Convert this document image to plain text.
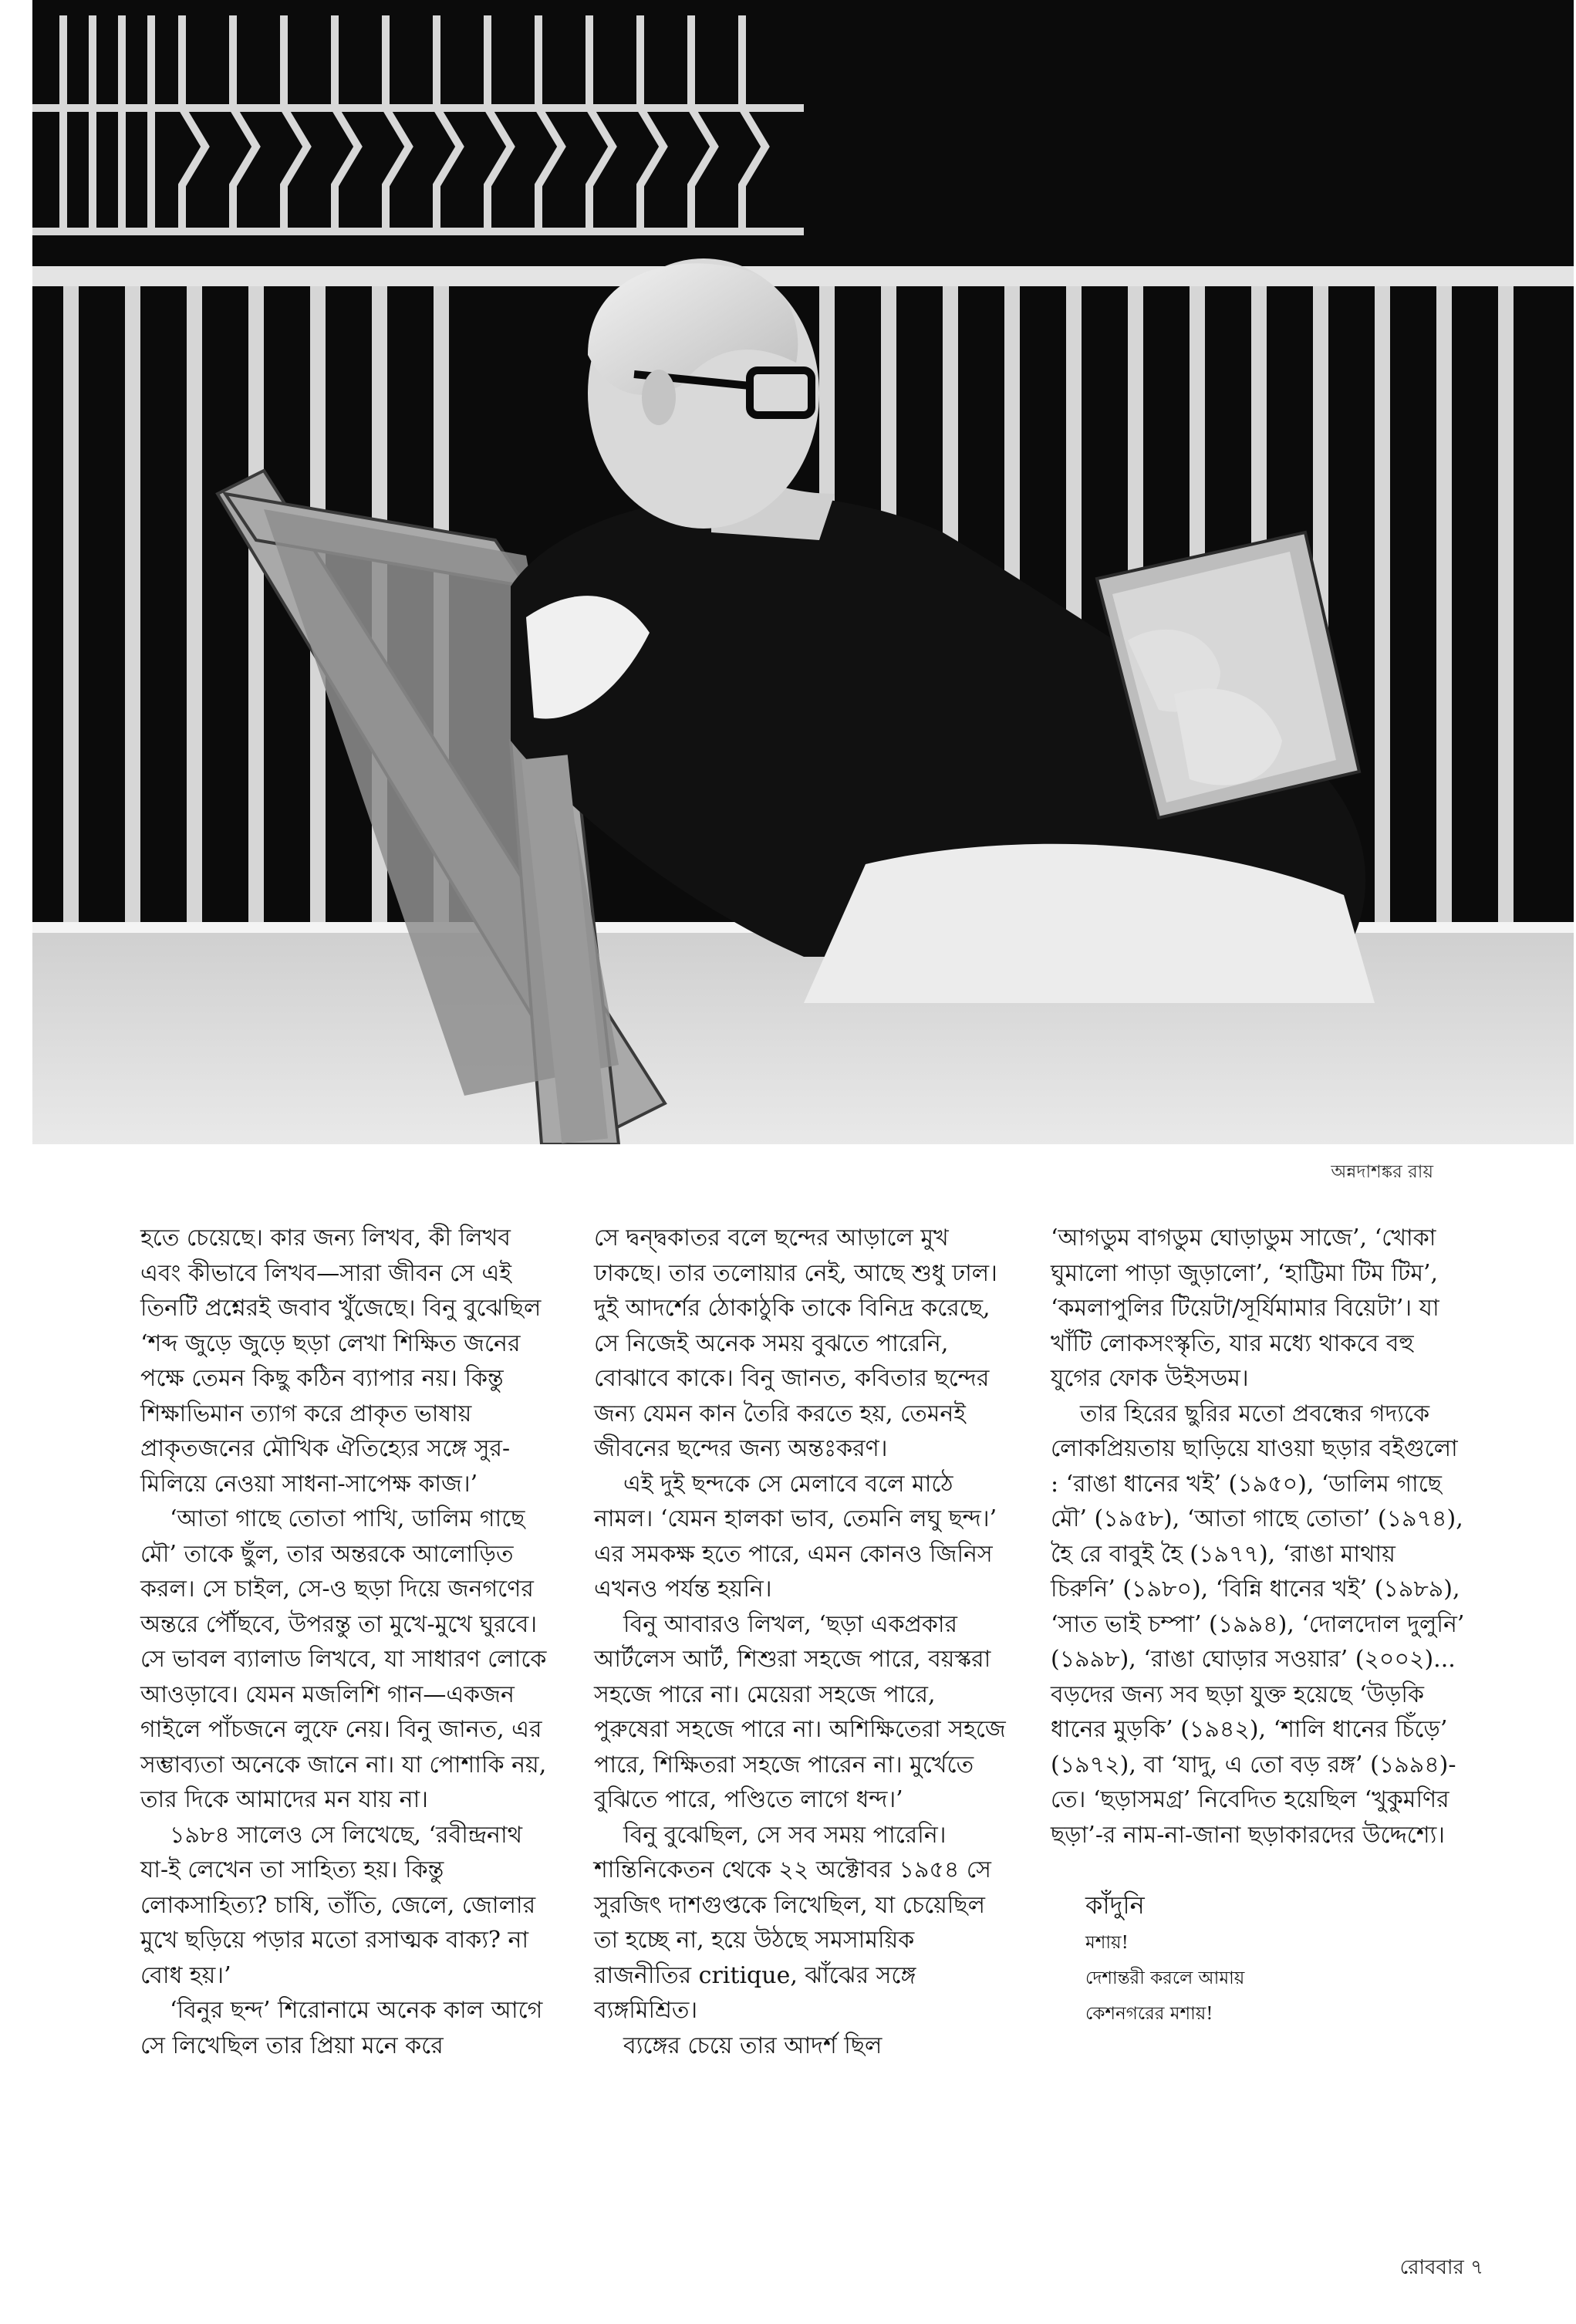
অন্নদাশঙ্কর রায়

হতে চেয়েছে। কার জন্য লিখব, কী লিখব এবং কীভাবে লিখব—সারা জীবন সে এই তিনটি প্রশ্নেরই জবাব খুঁজেছে। বিনু বুঝেছিল ‘শব্দ জুড়ে জুড়ে ছড়া লেখা শিক্ষিত জনের পক্ষে তেমন কিছু কঠিন ব্যাপার নয়। কিন্তু শিক্ষাভিমান ত্যাগ করে প্রাকৃত ভাষায় প্রাকৃতজনের মৌখিক ঐতিহ্যের সঙ্গে সুর-মিলিয়ে নেওয়া সাধনা-সাপেক্ষ কাজ।’

‘আতা গাছে তোতা পাখি, ডালিম গাছে মৌ’ তাকে ছুঁল, তার অন্তরকে আলোড়িত করল। সে চাইল, সে-ও ছড়া দিয়ে জনগণের অন্তরে পৌঁছবে, উপরন্তু তা মুখে-মুখে ঘুরবে। সে ভাবল ব্যালাড লিখবে, যা সাধারণ লোকে আওড়াবে। যেমন মজলিশি গান—একজন গাইলে পাঁচজনে লুফে নেয়। বিনু জানত, এর সম্ভাব্যতা অনেকে জানে না। যা পোশাকি নয়, তার দিকে আমাদের মন যায় না।

১৯৮৪ সালেও সে লিখেছে, ‘রবীন্দ্রনাথ যা-ই লেখেন তা সাহিত্য হয়। কিন্তু লোকসাহিত্য? চাষি, তাঁতি, জেলে, জোলার মুখে ছড়িয়ে পড়ার মতো রসাত্মক বাক্য? না বোধ হয়।’

‘বিনুর ছন্দ’ শিরোনামে অনেক কাল আগে সে লিখেছিল তার প্রিয়া মনে করে

সে দ্বন্দ্বকাতর বলে ছন্দের আড়ালে মুখ ঢাকছে। তার তলোয়ার নেই, আছে শুধু ঢাল। দুই আদর্শের ঠোকাঠুকি তাকে বিনিদ্র করেছে, সে নিজেই অনেক সময় বুঝতে পারেনি, বোঝাবে কাকে। বিনু জানত, কবিতার ছন্দের জন্য যেমন কান তৈরি করতে হয়, তেমনই জীবনের ছন্দের জন্য অন্তঃকরণ।

এই দুই ছন্দকে সে মেলাবে বলে মাঠে নামল। ‘যেমন হালকা ভাব, তেমনি লঘু ছন্দ।’ এর সমকক্ষ হতে পারে, এমন কোনও জিনিস এখনও পর্যন্ত হয়নি।

বিনু আবারও লিখল, ‘ছড়া একপ্রকার আর্টলেস আর্ট, শিশুরা সহজে পারে, বয়স্করা সহজে পারে না। মেয়েরা সহজে পারে, পুরুষেরা সহজে পারে না। অশিক্ষিতেরা সহজে পারে, শিক্ষিতরা সহজে পারেন না। মুর্খেতে বুঝিতে পারে, পণ্ডিতে লাগে ধন্দ।’

বিনু বুঝেছিল, সে সব সময় পারেনি। শান্তিনিকেতন থেকে ২২ অক্টোবর ১৯৫৪ সে সুরজিৎ দাশগুপ্তকে লিখেছিল, যা চেয়েছিল তা হচ্ছে না, হয়ে উঠছে সমসাময়িক রাজনীতির critique, ঝাঁঝের সঙ্গে ব্যঙ্গমিশ্রিত।

ব্যঙ্গের চেয়ে তার আদর্শ ছিল

‘আগডুম বাগডুম ঘোড়াডুম সাজে’, ‘খোকা ঘুমালো পাড়া জুড়ালো’, ‘হাট্টিমা টিম টিম’, ‘কমলাপুলির টিয়েটা/সূর্যিমামার বিয়েটা’। যা খাঁটি লোকসংস্কৃতি, যার মধ্যে থাকবে বহু যুগের ফোক উইসডম।

তার হিরের ছুরির মতো প্রবন্ধের গদ্যকে লোকপ্রিয়তায় ছাড়িয়ে যাওয়া ছড়ার বইগুলো : ‘রাঙা ধানের খই’ (১৯৫০), ‘ডালিম গাছে মৌ’ (১৯৫৮), ‘আতা গাছে তোতা’ (১৯৭৪), হৈ রে বাবুই হৈ (১৯৭৭), ‘রাঙা মাথায় চিরুনি’ (১৯৮০), ‘বিন্নি ধানের খই’ (১৯৮৯), ‘সাত ভাই চম্পা’ (১৯৯৪), ‘দোলদোল দুলুনি’ (১৯৯৮), ‘রাঙা ঘোড়ার সওয়ার’ (২০০২)... বড়দের জন্য সব ছড়া যুক্ত হয়েছে ‘উড়কি ধানের মুড়কি’ (১৯৪২), ‘শালি ধানের চিঁড়ে’ (১৯৭২), বা ‘যাদু, এ তো বড় রঙ্গ’ (১৯৯৪)-তে। ‘ছড়াসমগ্র’ নিবেদিত হয়েছিল ‘খুকুমণির ছড়া’-র নাম-না-জানা ছড়াকারদের উদ্দেশ্যে।

কাঁদুনি
মশায়!
দেশান্তরী করলে আমায়
কেশনগরের মশায়!
রোববার ৭
